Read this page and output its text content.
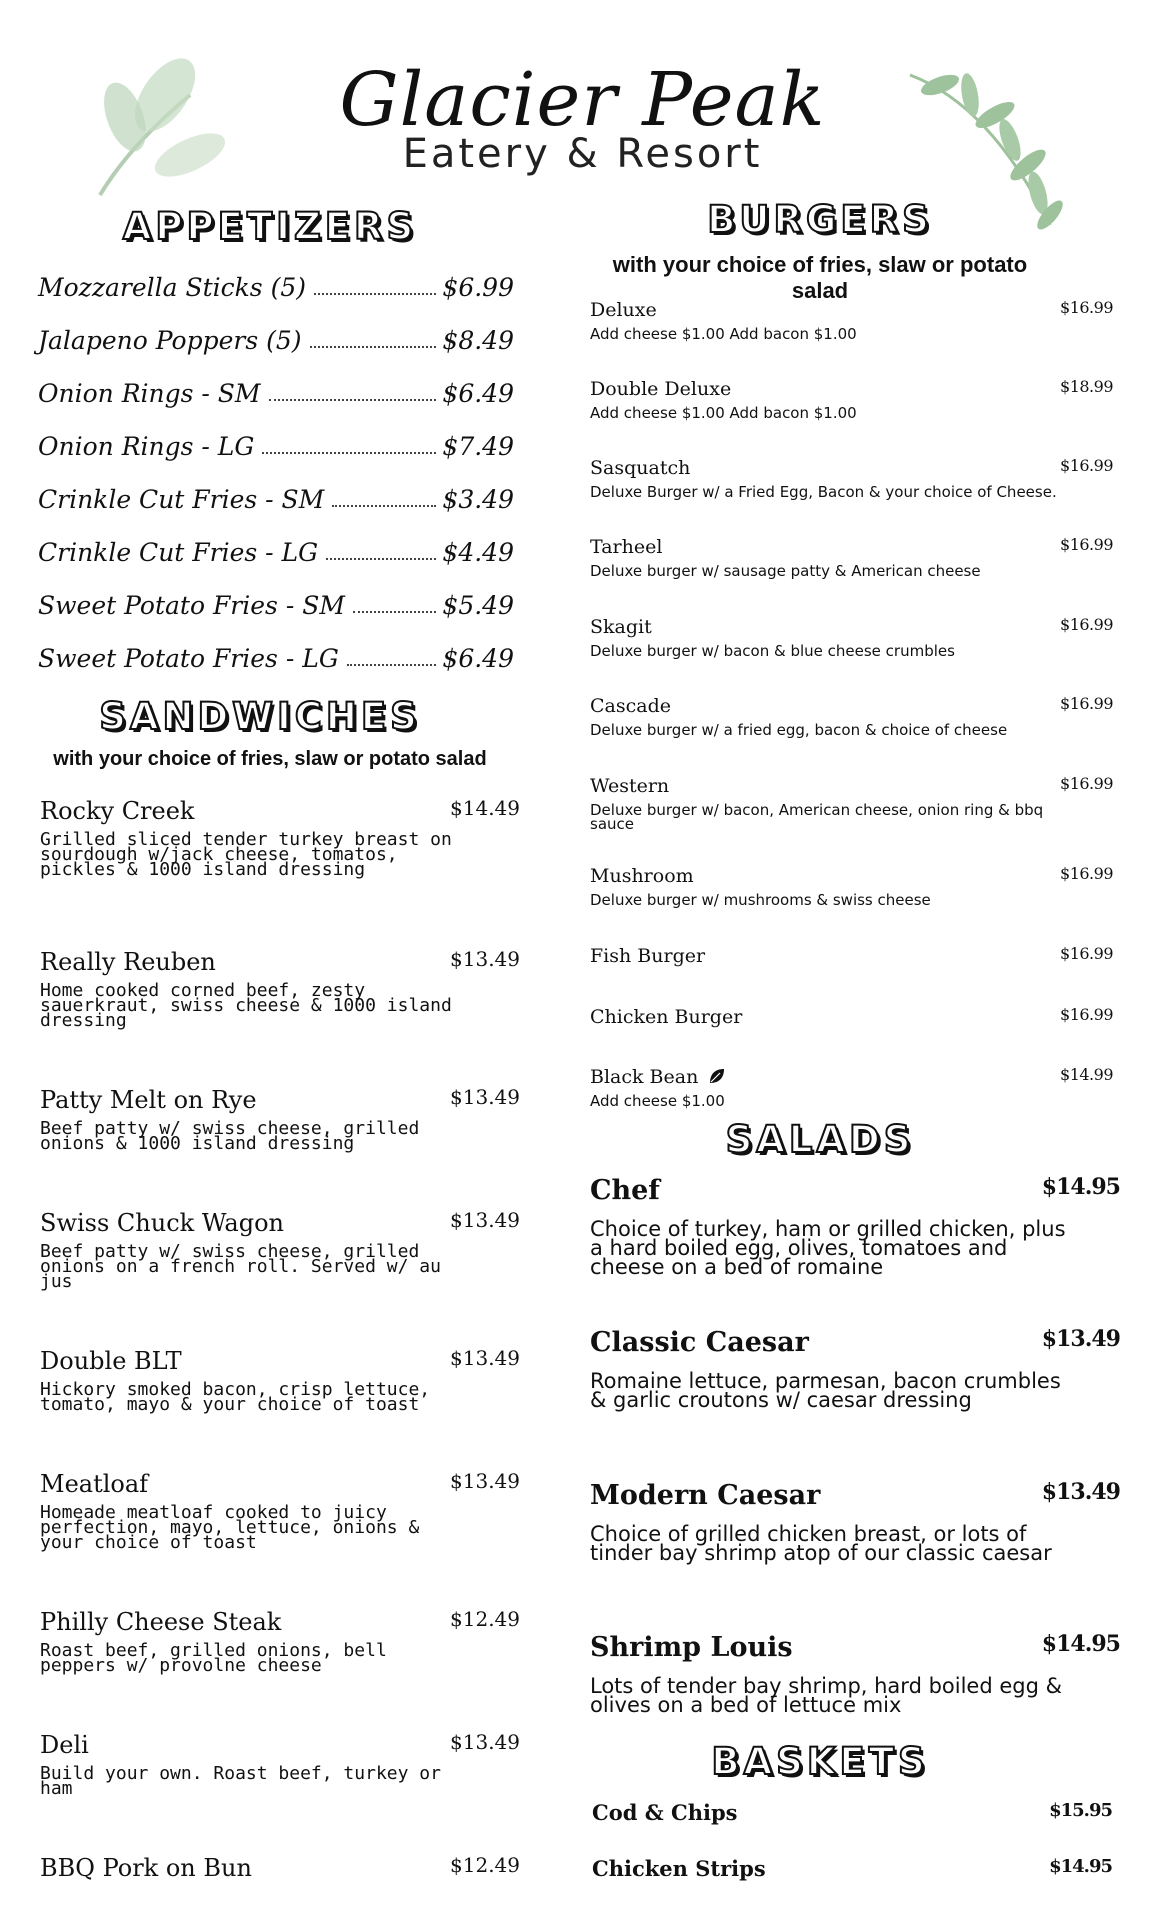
Glacier Peak
Eatery & Resort
APPETIZERS
Mozzarella Sticks (5)	$6.99
Jalapeno Poppers (5)	$8.49
Onion Rings - SM	$6.49
Onion Rings - LG	$7.49
Crinkle Cut Fries - SM	$3.49
Crinkle Cut Fries - LG	$4.49
Sweet Potato Fries - SM	$5.49
Sweet Potato Fries - LG	$6.49
SANDWICHES
with your choice of fries, slaw or potato salad
Rocky Creek	$14.49
Grilled sliced tender turkey breast on sourdough w/jack cheese, tomatos, pickles & 1000 island dressing
Really Reuben	$13.49
Home cooked corned beef, zesty sauerkraut, swiss cheese & 1000 island dressing
Patty Melt on Rye	$13.49
Beef patty w/ swiss cheese, grilled onions & 1000 island dressing
Swiss Chuck Wagon	$13.49
Beef patty w/ swiss cheese, grilled onions on a french roll. Served w/ au jus
Double BLT	$13.49
Hickory smoked bacon, crisp lettuce, tomato, mayo & your choice of toast
Meatloaf	$13.49
Homeade meatloaf cooked to juicy perfection, mayo, lettuce, onions & your choice of toast
Philly Cheese Steak	$12.49
Roast beef, grilled onions, bell peppers w/ provolne cheese
Deli	$13.49
Build your own. Roast beef, turkey or ham
BBQ Pork on Bun	$12.49
BURGERS
with your choice of fries, slaw or potato salad
Deluxe	$16.99
Add cheese $1.00 Add bacon $1.00
Double Deluxe	$18.99
Add cheese $1.00 Add bacon $1.00
Sasquatch	$16.99
Deluxe Burger w/ a Fried Egg, Bacon & your choice of Cheese.
Tarheel	$16.99
Deluxe burger w/ sausage patty & American cheese
Skagit	$16.99
Deluxe burger w/ bacon & blue cheese crumbles
Cascade	$16.99
Deluxe burger w/ a fried egg, bacon & choice of cheese
Western	$16.99
Deluxe burger w/ bacon, American cheese, onion ring & bbq sauce
Mushroom	$16.99
Deluxe burger w/ mushrooms & swiss cheese
Fish Burger	$16.99
Chicken Burger	$16.99
Black Bean	$14.99
Add cheese $1.00
SALADS
Chef	$14.95
Choice of turkey, ham or grilled chicken, plus a hard boiled egg, olives, tomatoes and cheese on a bed of romaine
Classic Caesar	$13.49
Romaine lettuce, parmesan, bacon crumbles & garlic croutons w/ caesar dressing
Modern Caesar	$13.49
Choice of grilled chicken breast, or lots of tinder bay shrimp atop of our classic caesar
Shrimp Louis	$14.95
Lots of tender bay shrimp, hard boiled egg & olives on a bed of lettuce mix
BASKETS
Cod & Chips	$15.95
Chicken Strips	$14.95
